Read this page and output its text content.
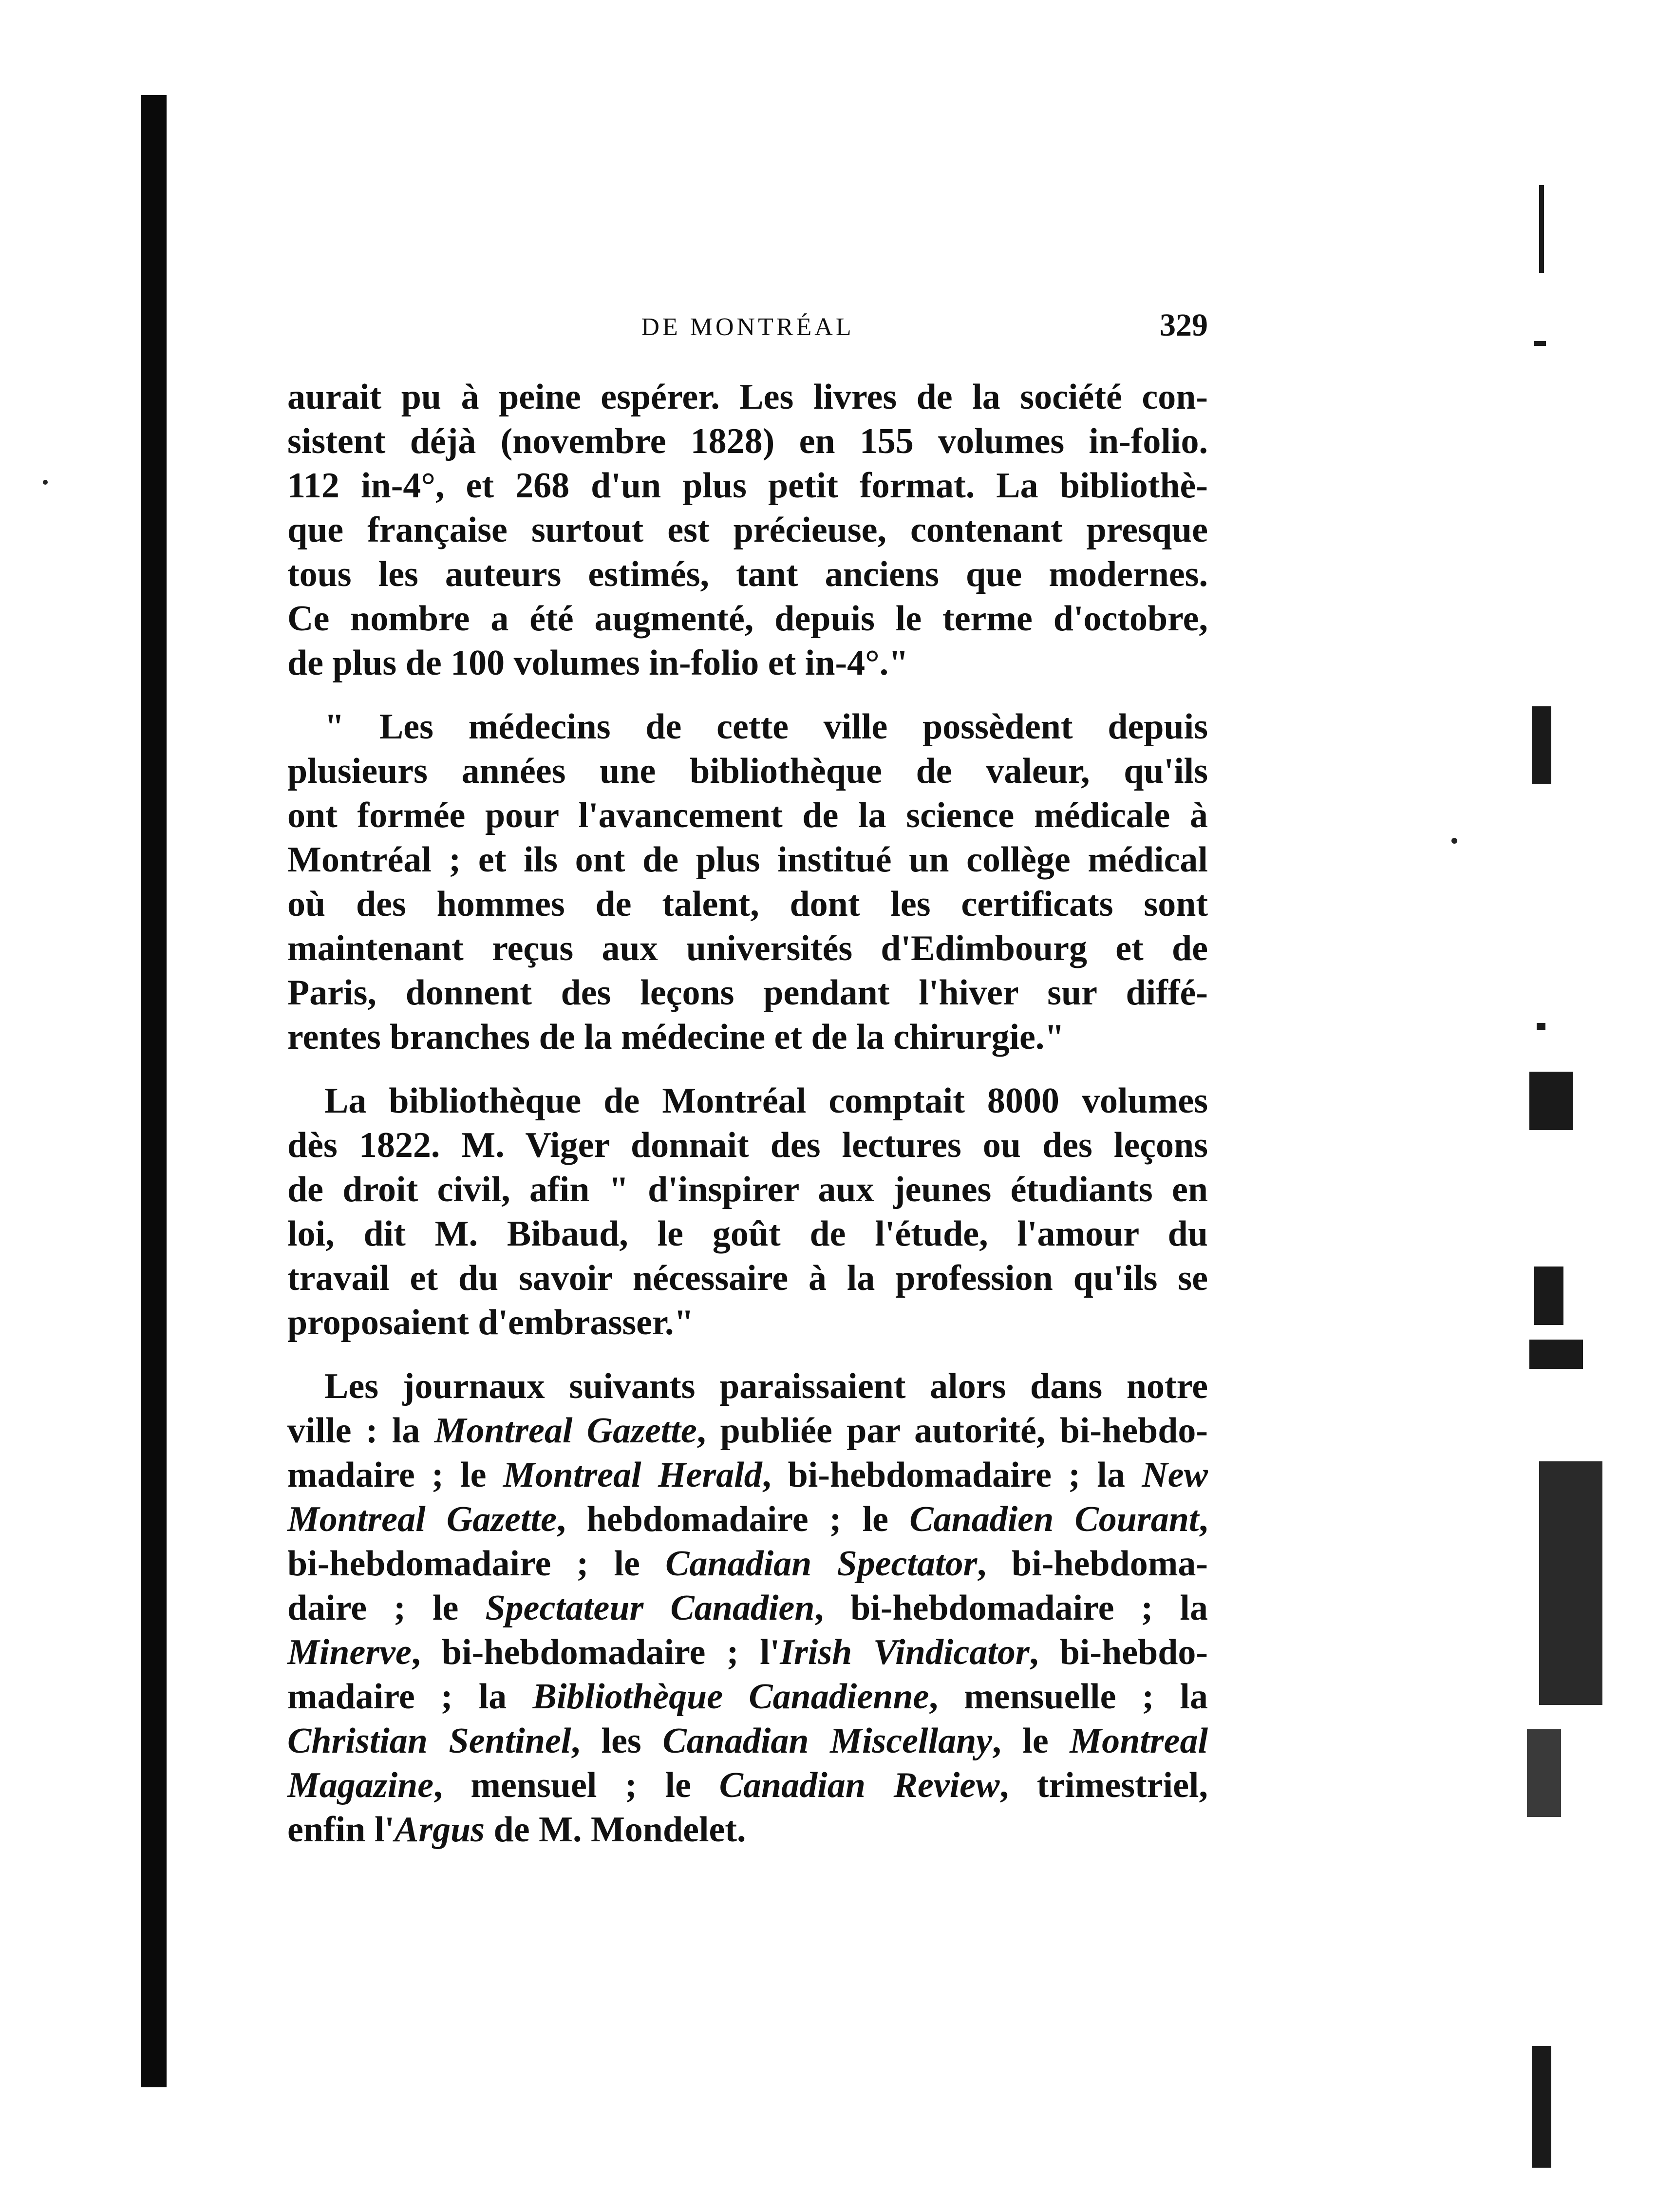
DE MONTRÉAL	329

aurait pu à peine espérer. Les livres de la société con-
sistent déjà (novembre 1828) en 155 volumes in-folio.
112 in-4°, et 268 d'un plus petit format. La bibliothè-
que française surtout est précieuse, contenant presque
tous les auteurs estimés, tant anciens que modernes.
Ce nombre a été augmenté, depuis le terme d'octobre,
de plus de 100 volumes in-folio et in-4°."

" Les médecins de cette ville possèdent depuis
plusieurs années une bibliothèque de valeur, qu'ils
ont formée pour l'avancement de la science médicale à
Montréal ; et ils ont de plus institué un collège médical
où des hommes de talent, dont les certificats sont
maintenant reçus aux universités d'Edimbourg et de
Paris, donnent des leçons pendant l'hiver sur diffé-
rentes branches de la médecine et de la chirurgie."

La bibliothèque de Montréal comptait 8000 volumes
dès 1822. M. Viger donnait des lectures ou des leçons
de droit civil, afin " d'inspirer aux jeunes étudiants en
loi, dit M. Bibaud, le goût de l'étude, l'amour du
travail et du savoir nécessaire à la profession qu'ils se
proposaient d'embrasser."

Les journaux suivants paraissaient alors dans notre
ville : la Montreal Gazette, publiée par autorité, bi-hebdo-
madaire ; le Montreal Herald, bi-hebdomadaire ; la New
Montreal Gazette, hebdomadaire ; le Canadien Courant,
bi-hebdomadaire ; le Canadian Spectator, bi-hebdoma-
daire ; le Spectateur Canadien, bi-hebdomadaire ; la
Minerve, bi-hebdomadaire ; l'Irish Vindicator, bi-hebdo-
madaire ; la Bibliothèque Canadienne, mensuelle ; la
Christian Sentinel, les Canadian Miscellany, le Montreal
Magazine, mensuel ; le Canadian Review, trimestriel,
enfin l'Argus de M. Mondelet.
